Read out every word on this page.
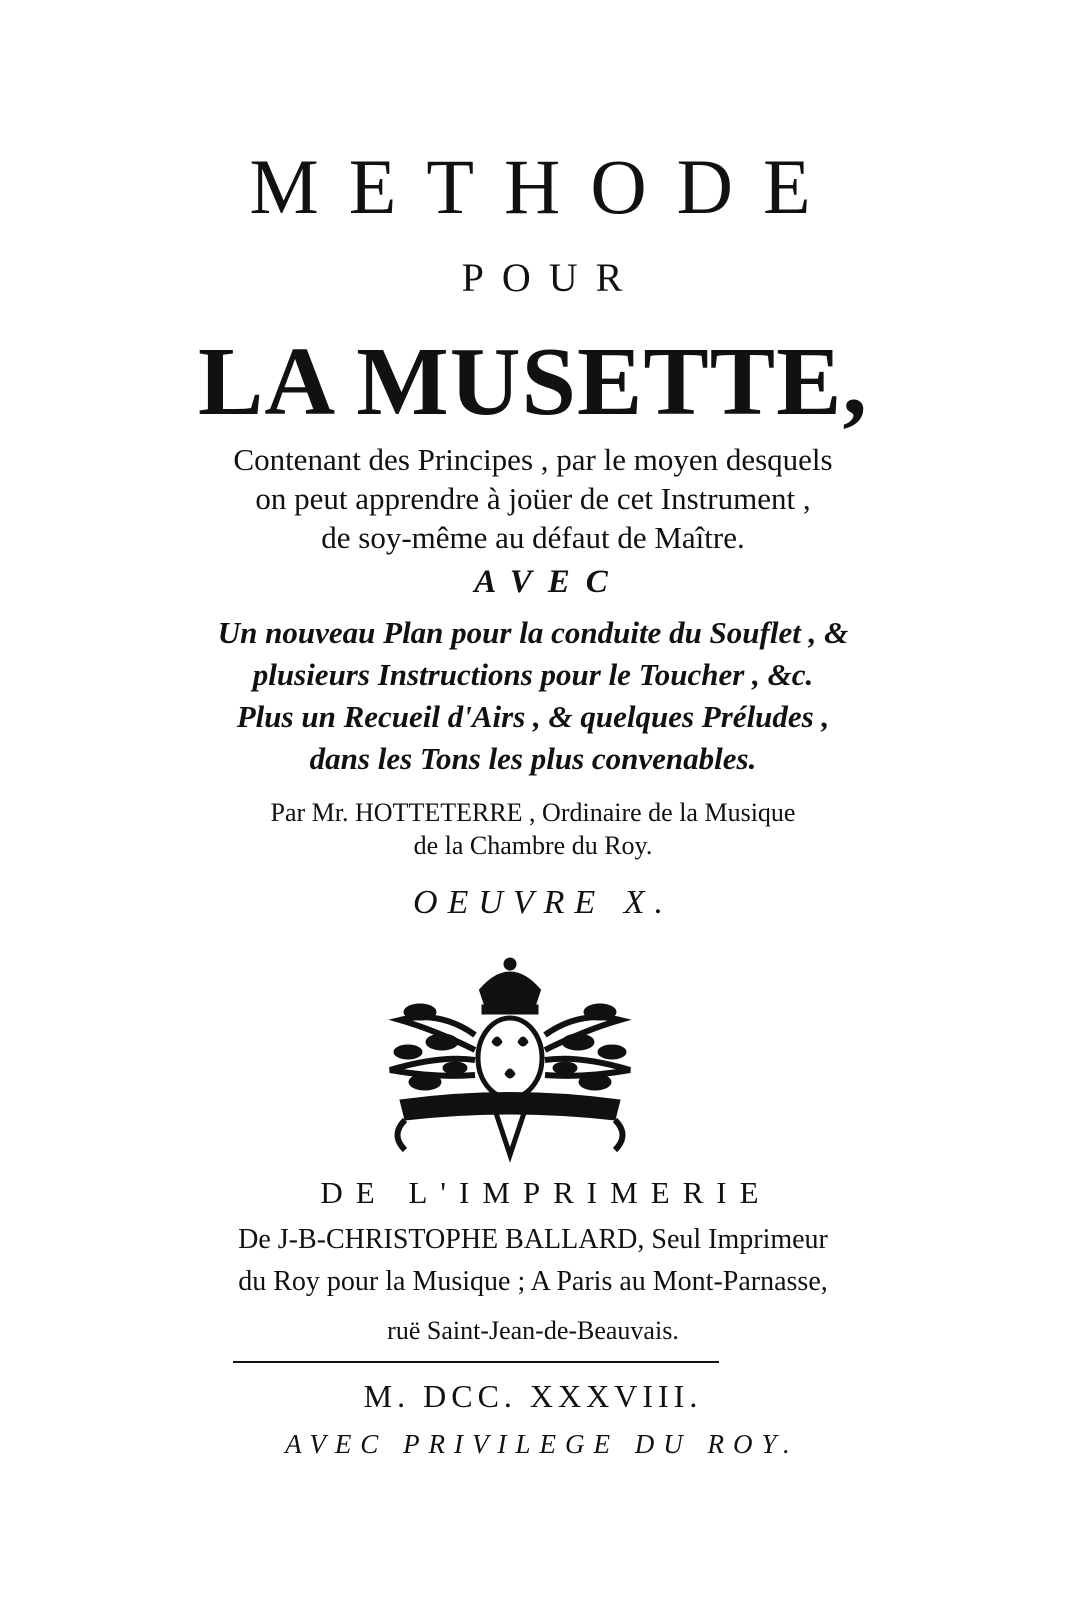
METHODE
POUR
LA MUSETTE,
Contenant des Principes , par le moyen desquels
on peut apprendre à joüer de cet Instrument ,
de soy-même au défaut de Maître.
AVEC
Un nouveau Plan pour la conduite du Souflet , &
plusieurs Instructions pour le Toucher , &c.
Plus un Recueil d'Airs , & quelques Préludes ,
dans les Tons les plus convenables.
Par Mr. HOTTETERRE , Ordinaire de la Musique
de la Chambre du Roy.
OEUVRE X.
DE L'IMPRIMERIE
De J-B-CHRISTOPHE BALLARD, Seul Imprimeur
du Roy pour la Musique ; A Paris au Mont-Parnasse,
ruë Saint-Jean-de-Beauvais.
M. DCC. XXXVIII.
AVEC PRIVILEGE DU ROY.
